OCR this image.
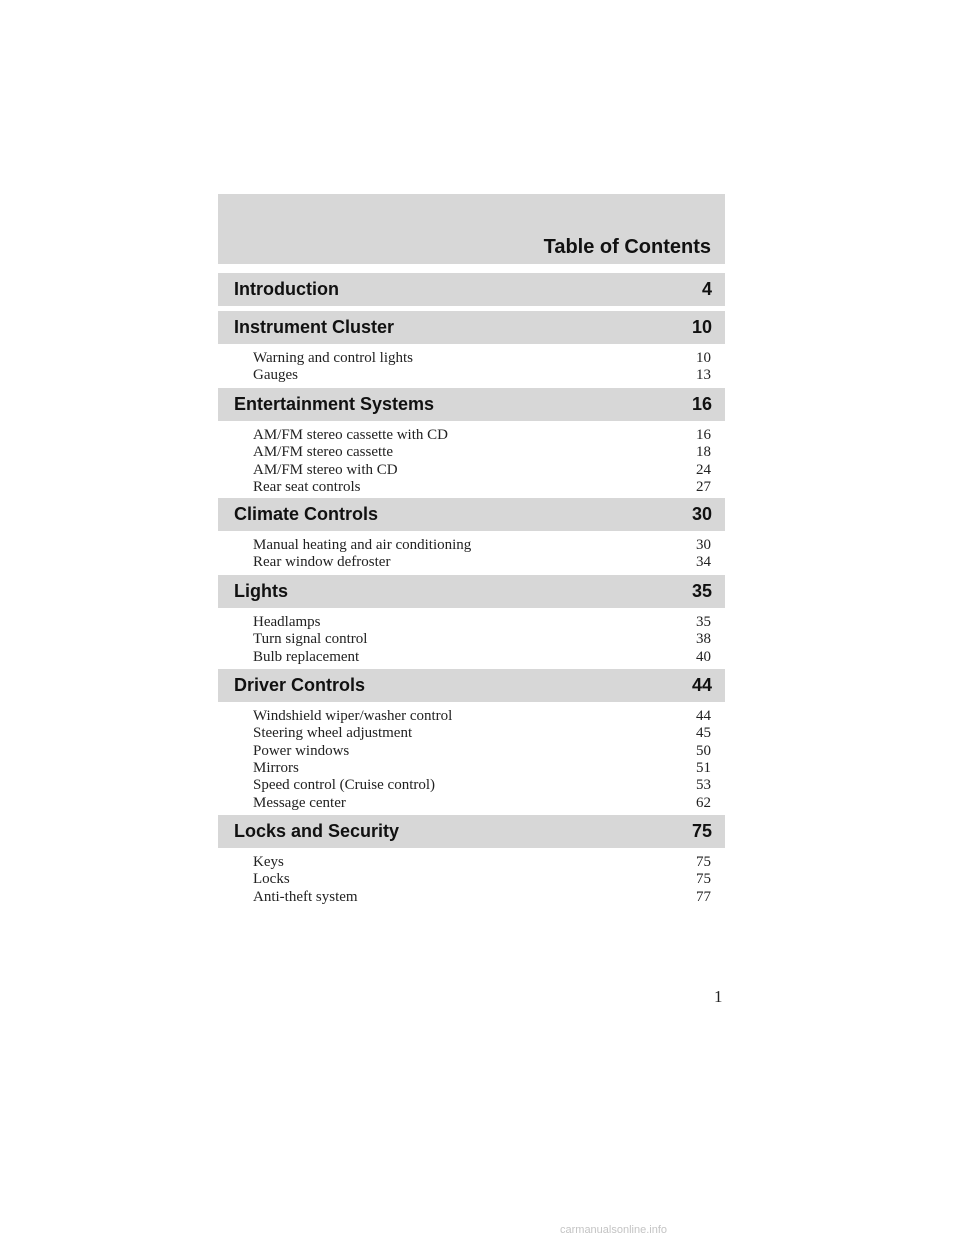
Table of Contents
Introduction	4
Instrument Cluster	10
Warning and control lights	10
Gauges	13
Entertainment Systems	16
AM/FM stereo cassette with CD	16
AM/FM stereo cassette	18
AM/FM stereo with CD	24
Rear seat controls	27
Climate Controls	30
Manual heating and air conditioning	30
Rear window defroster	34
Lights	35
Headlamps	35
Turn signal control	38
Bulb replacement	40
Driver Controls	44
Windshield wiper/washer control	44
Steering wheel adjustment	45
Power windows	50
Mirrors	51
Speed control (Cruise control)	53
Message center	62
Locks and Security	75
Keys	75
Locks	75
Anti-theft system	77
1
carmanualsonline.info
